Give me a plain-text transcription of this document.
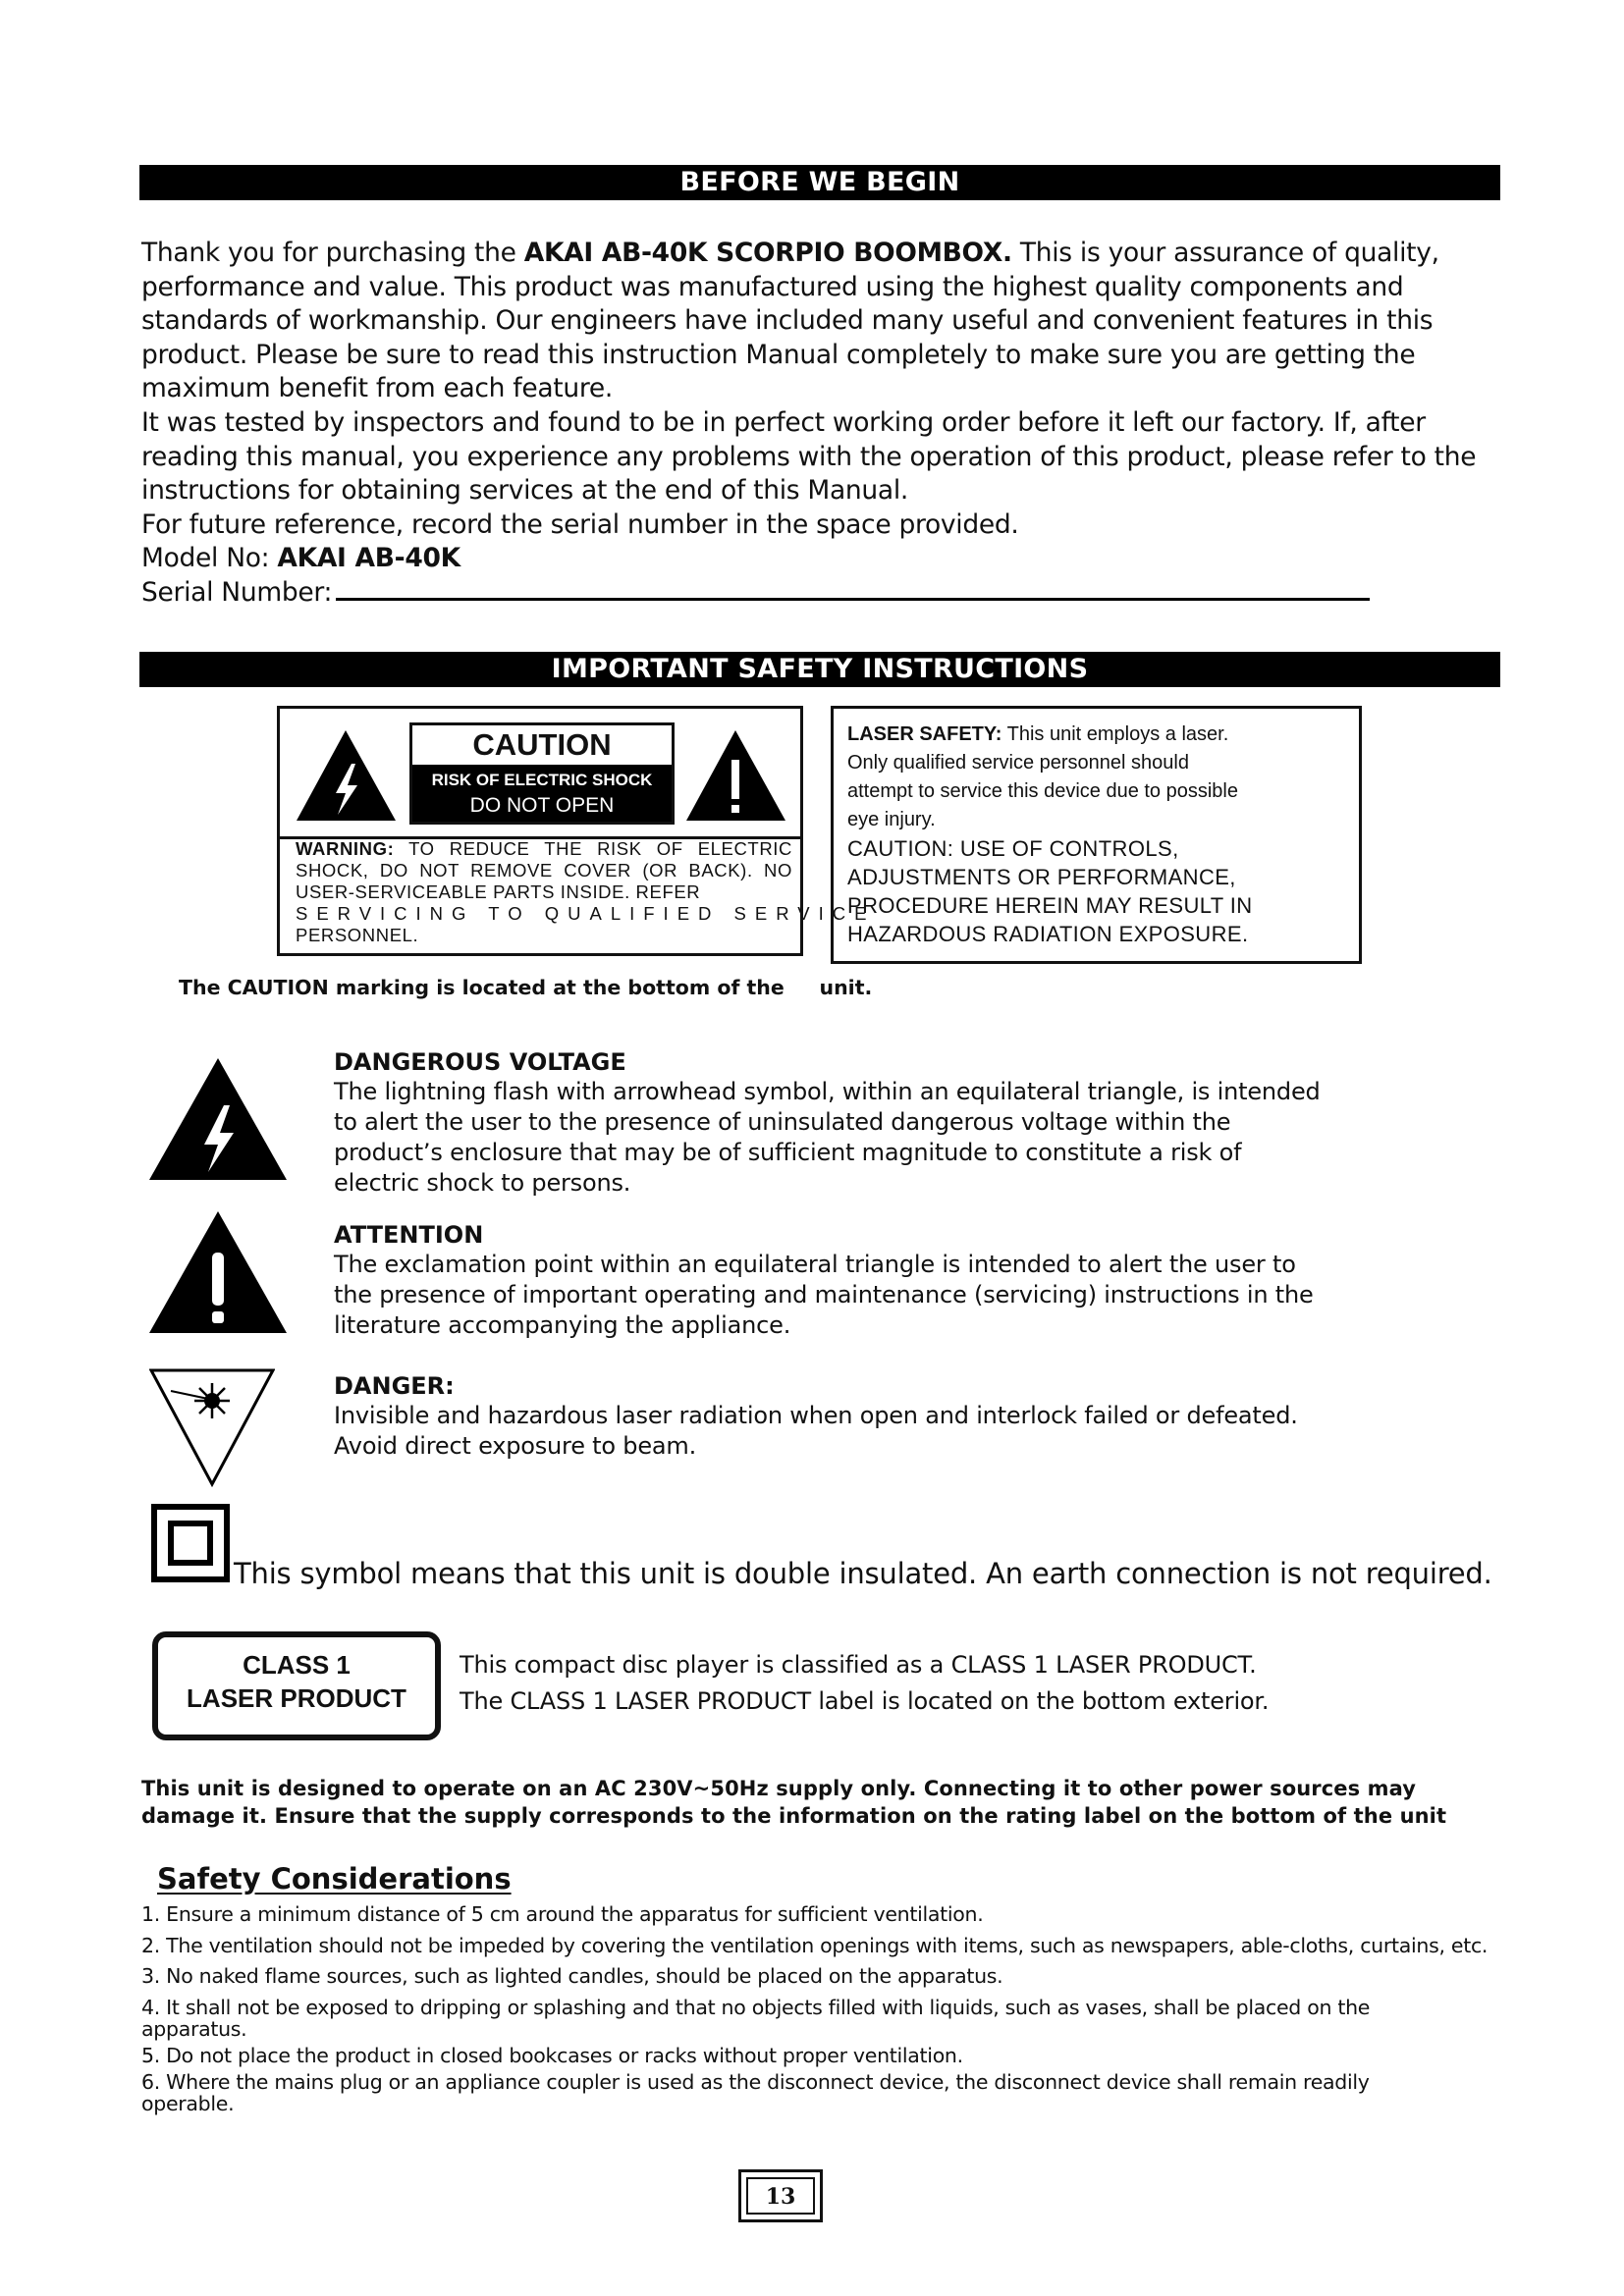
BEFORE WE BEGIN

Thank you for purchasing the AKAI AB-40K SCORPIO BOOMBOX. This is your assurance of quality,

performance and value. This product was manufactured using the highest quality components and

standards of workmanship. Our engineers have included many useful and convenient features in this

product. Please be sure to read this instruction Manual completely to make sure you are getting the

maximum benefit from each feature.

It was tested by inspectors and found to be in perfect working order before it left our factory. If, after

reading this manual, you experience any problems with the operation of this product, please refer to the

instructions for obtaining services at the end of this Manual.

For future reference, record the serial number in the space provided.

Model No: AKAI AB-40K

Serial Number:

IMPORTANT SAFETY INSTRUCTIONS
CAUTION
RISK OF ELECTRIC SHOCK
DO NOT OPEN
WARNING: TO REDUCE THE RISK OF ELECTRIC SHOCK, DO NOT REMOVE COVER (OR BACK). NO USER-SERVICEABLE PARTS INSIDE. REFER
SERVICING TO QUALIFIED SERVICE
PERSONNEL.

LASER SAFETY: This unit employs a laser.

Only qualified service personnel should

attempt to service this device due to possible

eye injury.

CAUTION: USE OF CONTROLS,

ADJUSTMENTS OR PERFORMANCE,

PROCEDURE HEREIN MAY RESULT IN

HAZARDOUS RADIATION EXPOSURE.

The CAUTION marking is located at the bottom of the     unit.
DANGEROUS VOLTAGE

The lightning flash with arrowhead symbol, within an equilateral triangle, is intended

to alert the user to the presence of uninsulated dangerous voltage within the

product’s enclosure that may be of sufficient magnitude to constitute a risk of

electric shock to persons.

ATTENTION

The exclamation point within an equilateral triangle is intended to alert the user to

the presence of important operating and maintenance (servicing) instructions in the

literature accompanying the appliance.

DANGER:

Invisible and hazardous laser radiation when open and interlock failed or defeated.

Avoid direct exposure to beam.

This symbol means that this unit is double insulated. An earth connection is not required.
CLASS 1
LASER PRODUCT

This compact disc player is classified as a CLASS 1 LASER PRODUCT.

The CLASS 1 LASER PRODUCT label is located on the bottom exterior.

This unit is designed to operate on an AC 230V~50Hz supply only. Connecting it to other power sources may

damage it. Ensure that the supply corresponds to the information on the rating label on the bottom of the unit

Safety Considerations
1. Ensure a minimum distance of 5 cm around the apparatus for sufficient ventilation.
2. The ventilation should not be impeded by covering the ventilation openings with items, such as newspapers, able-cloths, curtains, etc.
3. No naked flame sources, such as lighted candles, should be placed on the apparatus.
4. It shall not be exposed to dripping or splashing and that no objects filled with liquids, such as vases, shall be placed on the
apparatus.
5. Do not place the product in closed bookcases or racks without proper ventilation.
6. Where the mains plug or an appliance coupler is used as the disconnect device, the disconnect device shall remain readily
operable.
13
